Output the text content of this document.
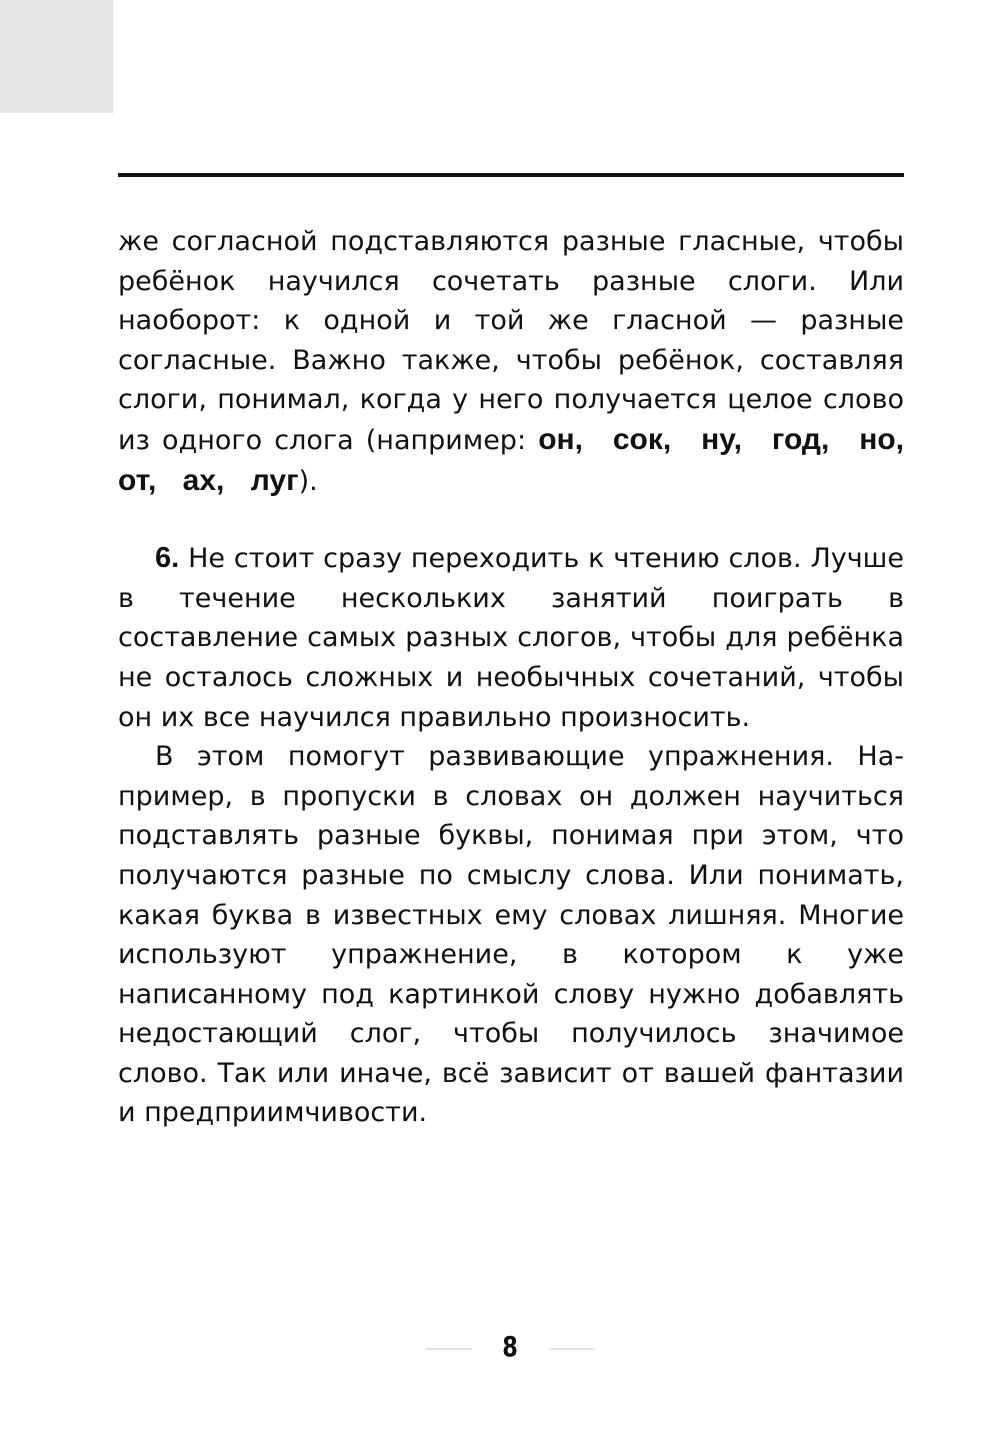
же согласной подставляются разные гласные, чтобы ребёнок научился сочетать разные слоги. Или наоборот: к одной и той же гласной — разные согласные. Важно также, чтобы ребёнок, составляя слоги, понимал, когда у него получается целое слово из одного слога (например: он, сок, ну, год, но, от, ах, луг).

6. Не стоит сразу переходить к чтению слов. Лучше в течение нескольких занятий поиграть в составление самых разных слогов, чтобы для ребёнка не осталось сложных и необычных сочетаний, чтобы он их все научился правильно произносить.

В этом помогут развивающие упражнения. Например, в пропуски в словах он должен научиться подставлять разные буквы, понимая при этом, что получаются разные по смыслу слова. Или понимать, какая буква в известных ему словах лишняя. Многие используют упражнение, в котором к уже написанному под картинкой слову нужно добавлять недостающий слог, чтобы получилось значимое слово. Так или иначе, всё зависит от вашей фантазии и предприимчивости.

8
